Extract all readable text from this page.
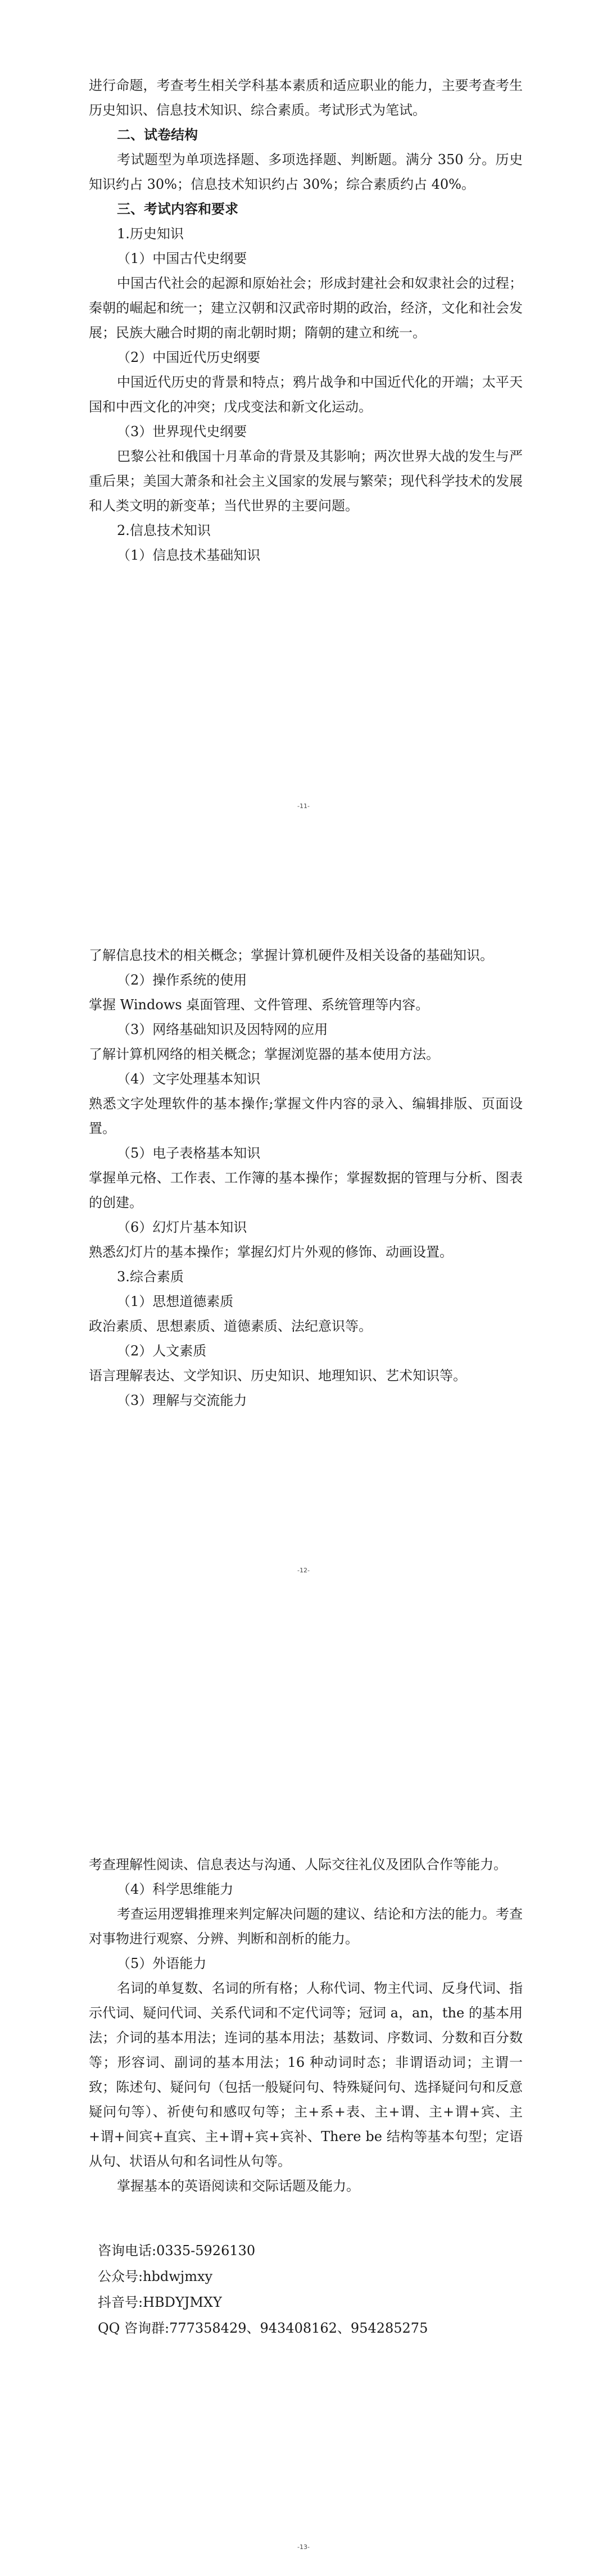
进行命题，考查考生相关学科基本素质和适应职业的能力，主要考查考生历史知识、信息技术知识、综合素质。考试形式为笔试。

二、试卷结构

考试题型为单项选择题、多项选择题、判断题。满分 350 分。历史知识约占 30%；信息技术知识约占 30%；综合素质约占 40%。

三、考试内容和要求

1.历史知识

（1）中国古代史纲要

中国古代社会的起源和原始社会；形成封建社会和奴隶社会的过程；秦朝的崛起和统一；建立汉朝和汉武帝时期的政治，经济，文化和社会发展；民族大融合时期的南北朝时期；隋朝的建立和统一。

（2）中国近代历史纲要

中国近代历史的背景和特点；鸦片战争和中国近代化的开端；太平天国和中西文化的冲突；戊戌变法和新文化运动。

（3）世界现代史纲要

巴黎公社和俄国十月革命的背景及其影响；两次世界大战的发生与严重后果；美国大萧条和社会主义国家的发展与繁荣；现代科学技术的发展和人类文明的新变革；当代世界的主要问题。

2.信息技术知识

（1）信息技术基础知识

-11-

了解信息技术的相关概念；掌握计算机硬件及相关设备的基础知识。

（2）操作系统的使用

掌握 Windows 桌面管理、文件管理、系统管理等内容。

（3）网络基础知识及因特网的应用

了解计算机网络的相关概念；掌握浏览器的基本使用方法。

（4）文字处理基本知识

熟悉文字处理软件的基本操作;掌握文件内容的录入、编辑排版、页面设置。

（5）电子表格基本知识

掌握单元格、工作表、工作簿的基本操作；掌握数据的管理与分析、图表的创建。

（6）幻灯片基本知识

熟悉幻灯片的基本操作；掌握幻灯片外观的修饰、动画设置。

3.综合素质

（1）思想道德素质

政治素质、思想素质、道德素质、法纪意识等。

（2）人文素质

语言理解表达、文学知识、历史知识、地理知识、艺术知识等。

（3）理解与交流能力

-12-

考查理解性阅读、信息表达与沟通、人际交往礼仪及团队合作等能力。

（4）科学思维能力

考查运用逻辑推理来判定解决问题的建议、结论和方法的能力。考查对事物进行观察、分辨、判断和剖析的能力。

（5）外语能力

名词的单复数、名词的所有格；人称代词、物主代词、反身代词、指示代词、疑问代词、关系代词和不定代词等；冠词 a，an，the 的基本用法；介词的基本用法；连词的基本用法；基数词、序数词、分数和百分数等；形容词、副词的基本用法；16 种动词时态；非谓语动词；主谓一致；陈述句、疑问句（包括一般疑问句、特殊疑问句、选择疑问句和反意疑问句等）、祈使句和感叹句等；主+系+表、主+谓、主+谓+宾、主+谓+间宾+直宾、主+谓+宾+宾补、There be 结构等基本句型；定语从句、状语从句和名词性从句等。

掌握基本的英语阅读和交际话题及能力。

咨询电话:0335-5926130

公众号:hbdwjmxy

抖音号:HBDYJMXY

QQ 咨询群:777358429、943408162、954285275

-13-
